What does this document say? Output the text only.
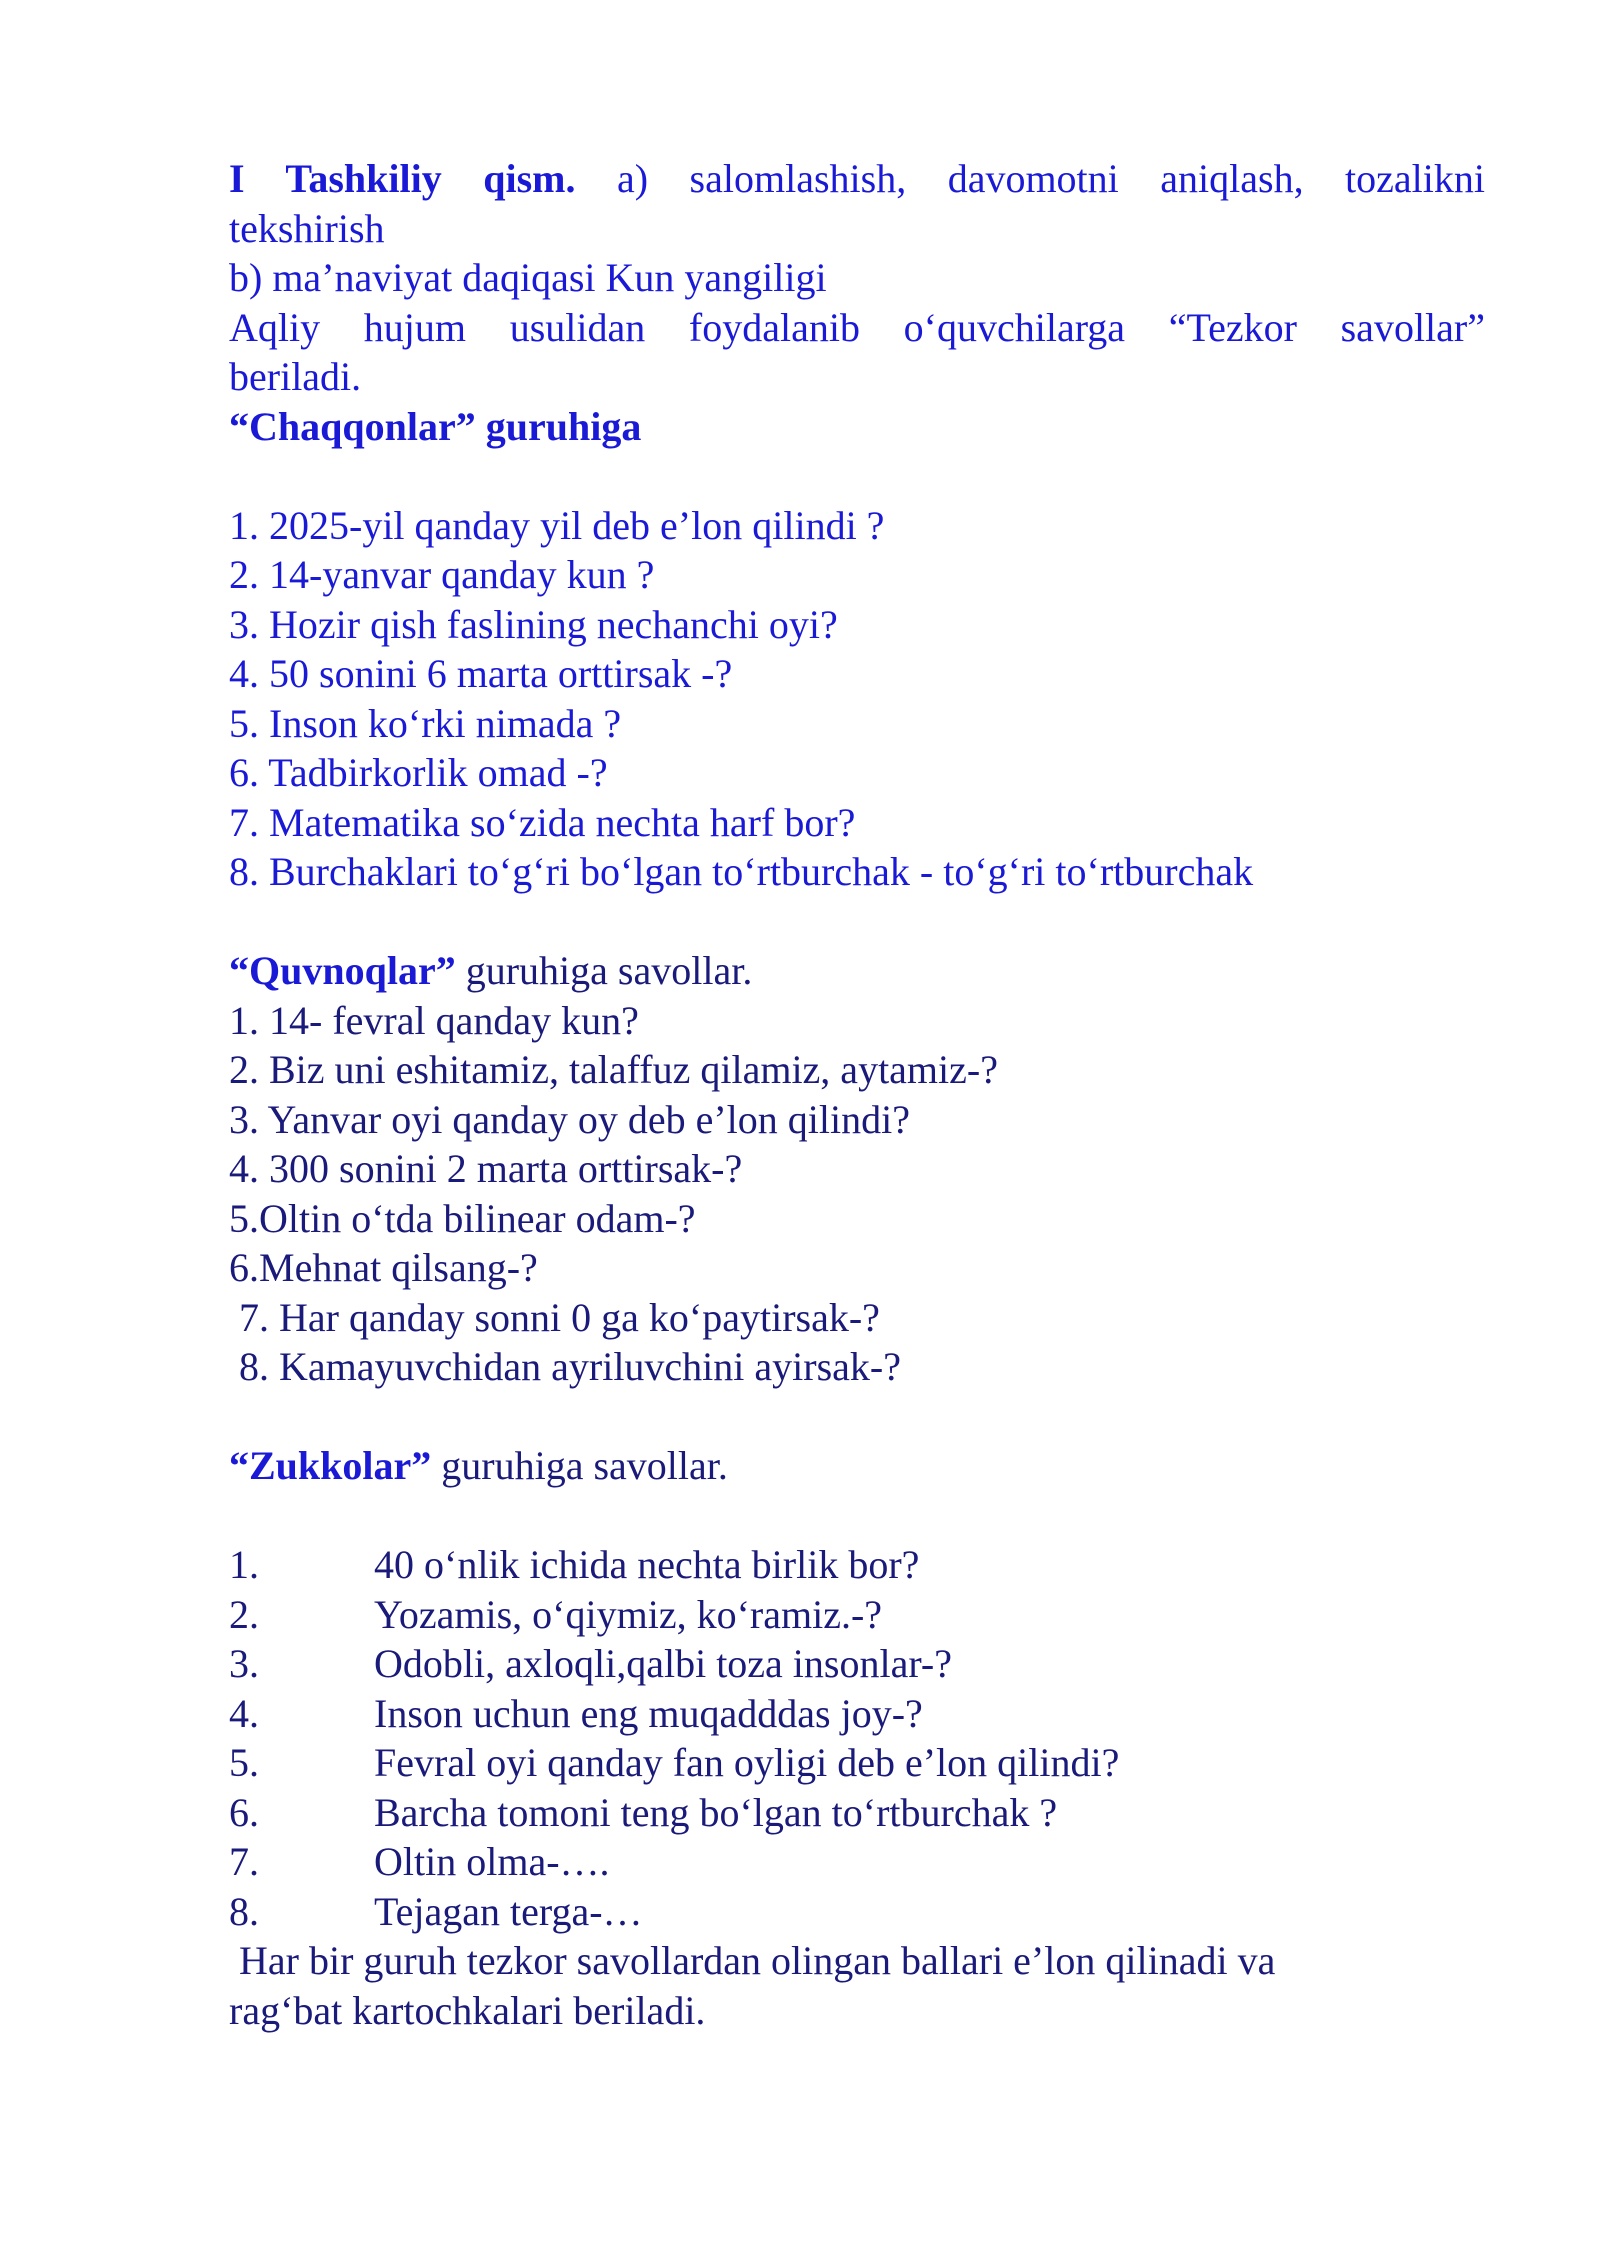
I Tashkiliy qism. a) salomlashish, davomotni aniqlash, tozalikni
tekshirish
b) ma’naviyat daqiqasi Kun yangiligi
Aqliy hujum usulidan foydalanib o‘quvchilarga “Tezkor savollar”
beriladi.
“Chaqqonlar” guruhiga
1. 2025-yil qanday yil deb e’lon qilindi ?
2. 14-yanvar qanday kun ?
3. Hozir qish faslining nechanchi oyi?
4. 50 sonini 6 marta orttirsak -?
5. Inson ko‘rki nimada ?
6. Tadbirkorlik omad -?
7. Matematika so‘zida nechta harf bor?
8. Burchaklari to‘g‘ri bo‘lgan to‘rtburchak - to‘g‘ri to‘rtburchak
“Quvnoqlar” guruhiga savollar.
1. 14- fevral qanday kun?
2. Biz uni eshitamiz, talaffuz qilamiz, aytamiz-?
3. Yanvar oyi qanday oy deb e’lon qilindi?
4. 300 sonini 2 marta orttirsak-?
5.Oltin o‘tda bilinear odam-?
6.Mehnat qilsang-?
7. Har qanday sonni 0 ga ko‘paytirsak-?
8. Kamayuvchidan ayriluvchini ayirsak-?
“Zukkolar” guruhiga savollar.
1.	40 o‘nlik ichida nechta birlik bor?
2.	Yozamis, o‘qiymiz, ko‘ramiz.-?
3.	Odobli, axloqli,qalbi toza insonlar-?
4.	Inson uchun eng muqadddas joy-?
5.	Fevral oyi qanday fan oyligi deb e’lon qilindi?
6.	Barcha tomoni teng bo‘lgan to‘rtburchak ?
7.	Oltin olma-….
8.	Tejagan terga-…
Har bir guruh tezkor savollardan olingan ballari e’lon qilinadi va
rag‘bat kartochkalari beriladi.
